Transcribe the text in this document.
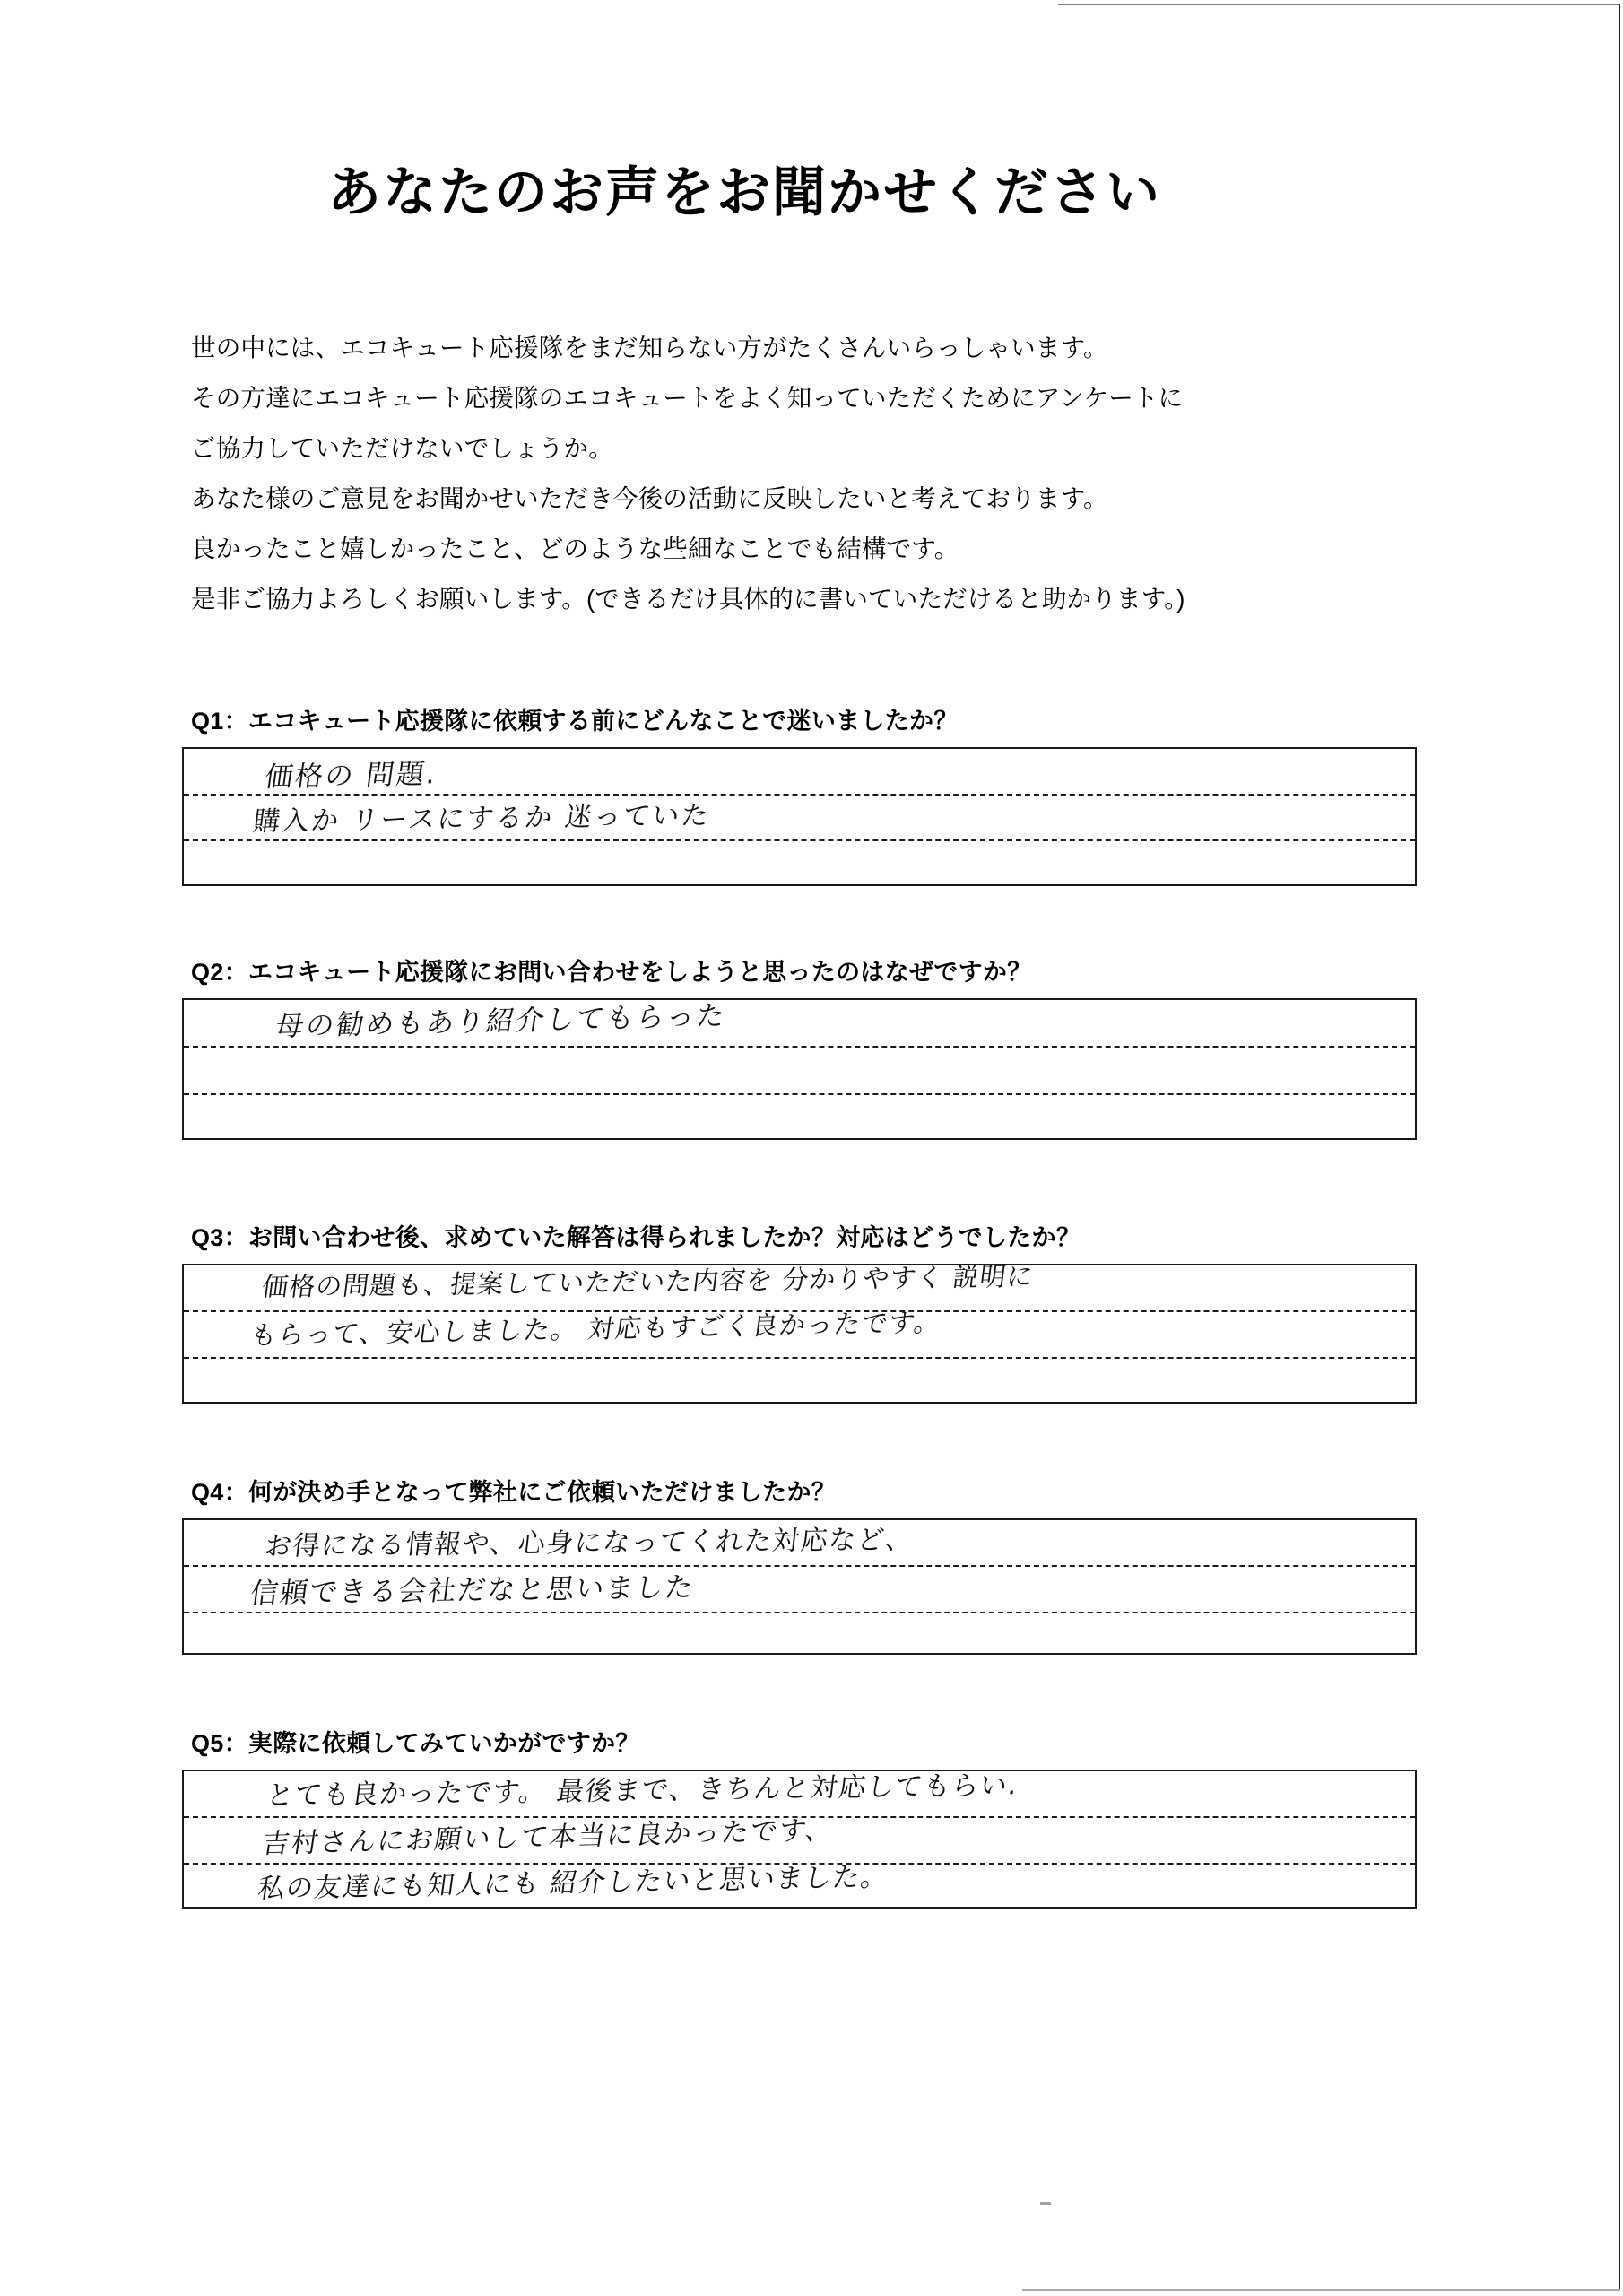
あなたのお声をお聞かせください
世の中には、エコキュート応援隊をまだ知らない方がたくさんいらっしゃいます。
その方達にエコキュート応援隊のエコキュートをよく知っていただくためにアンケートに
ご協力していただけないでしょうか。
あなた様のご意見をお聞かせいただき今後の活動に反映したいと考えております。
良かったこと嬉しかったこと、どのような些細なことでも結構です。
是非ご協力よろしくお願いします。(できるだけ具体的に書いていただけると助かります。)
Q1：エコキュート応援隊に依頼する前にどんなことで迷いましたか？
価格の 問題.
購入か リースにするか 迷っていた
Q2：エコキュート応援隊にお問い合わせをしようと思ったのはなぜですか？
母の勧めもあり紹介してもらった
Q3：お問い合わせ後、求めていた解答は得られましたか？対応はどうでしたか？
価格の問題も、提案していただいた内容を 分かりやすく 説明に
もらって、安心しました。 対応もすごく良かったです。
Q4：何が決め手となって弊社にご依頼いただけましたか？
お得になる情報や、心身になってくれた対応など、
信頼できる会社だなと思いました
Q5：実際に依頼してみていかがですか？
とても良かったです。 最後まで、きちんと対応してもらい.
吉村さんにお願いして本当に良かったです、
私の友達にも知人にも 紹介したいと思いました。
